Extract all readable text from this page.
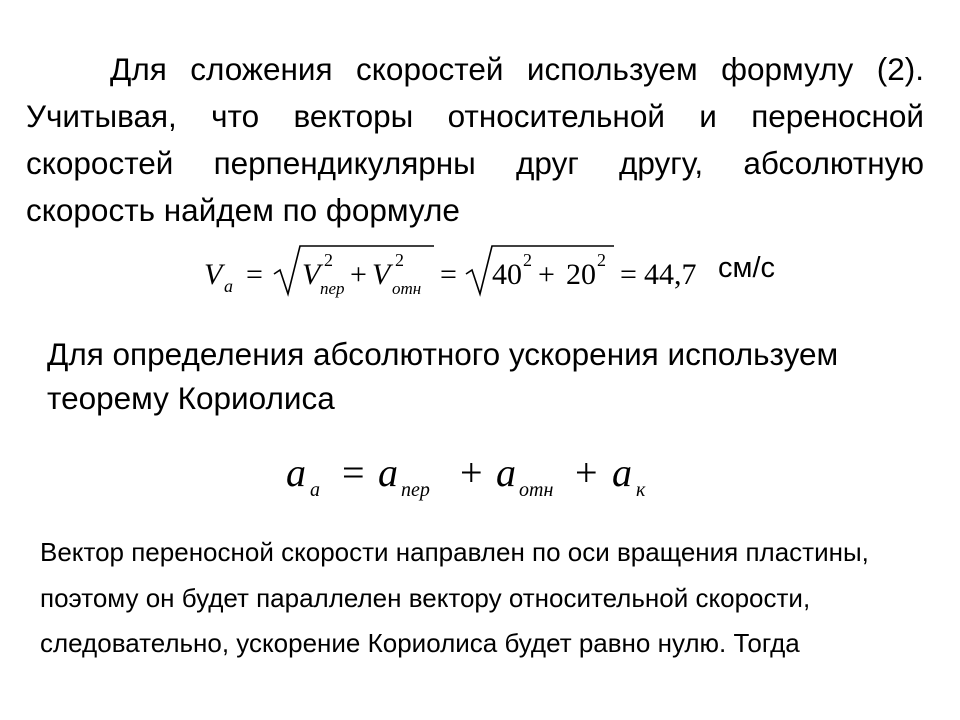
Для сложения скоростей используем формулу (2). Учитывая, что векторы относительной и переносной скоростей перпендикулярны друг другу, абсолютную скорость найдем по формуле
V а = V 2
пер + V 2
отн = 40 2 + 20 2 = 44,7 см/с
Для определения абсолютного ускорения используем теорему Кориолиса
a а = a пер + a отн + a к
Вектор переносной скорости направлен по оси вращения пластины, поэтому он будет параллелен вектору относительной скорости, следовательно, ускорение Кориолиса будет равно нулю. Тогда
